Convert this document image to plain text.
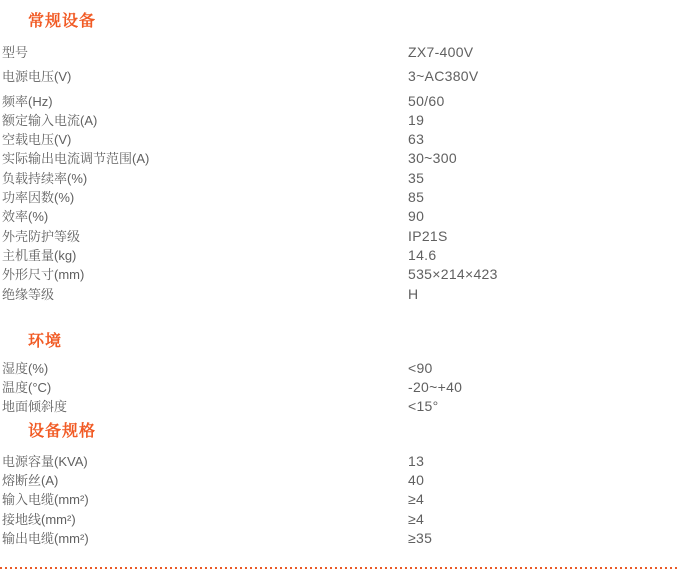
常规设备
型号	ZX7-400V
电源电压(V)	3~AC380V
频率(Hz)	50/60
额定输入电流(A)	19
空载电压(V)	63
实际输出电流调节范围(A)	30~300
负载持续率(%)	35
功率因数(%)	85
效率(%)	90
外壳防护等级	IP21S
主机重量(kg)	14.6
外形尺寸(mm)	535×214×423
绝缘等级	H
环境
湿度(%)	<90
温度(°C)	-20~+40
地面倾斜度	<15°
设备规格
电源容量(KVA)	13
熔断丝(A)	40
输入电缆(mm²)	≥4
接地线(mm²)	≥4
输出电缆(mm²)	≥35
